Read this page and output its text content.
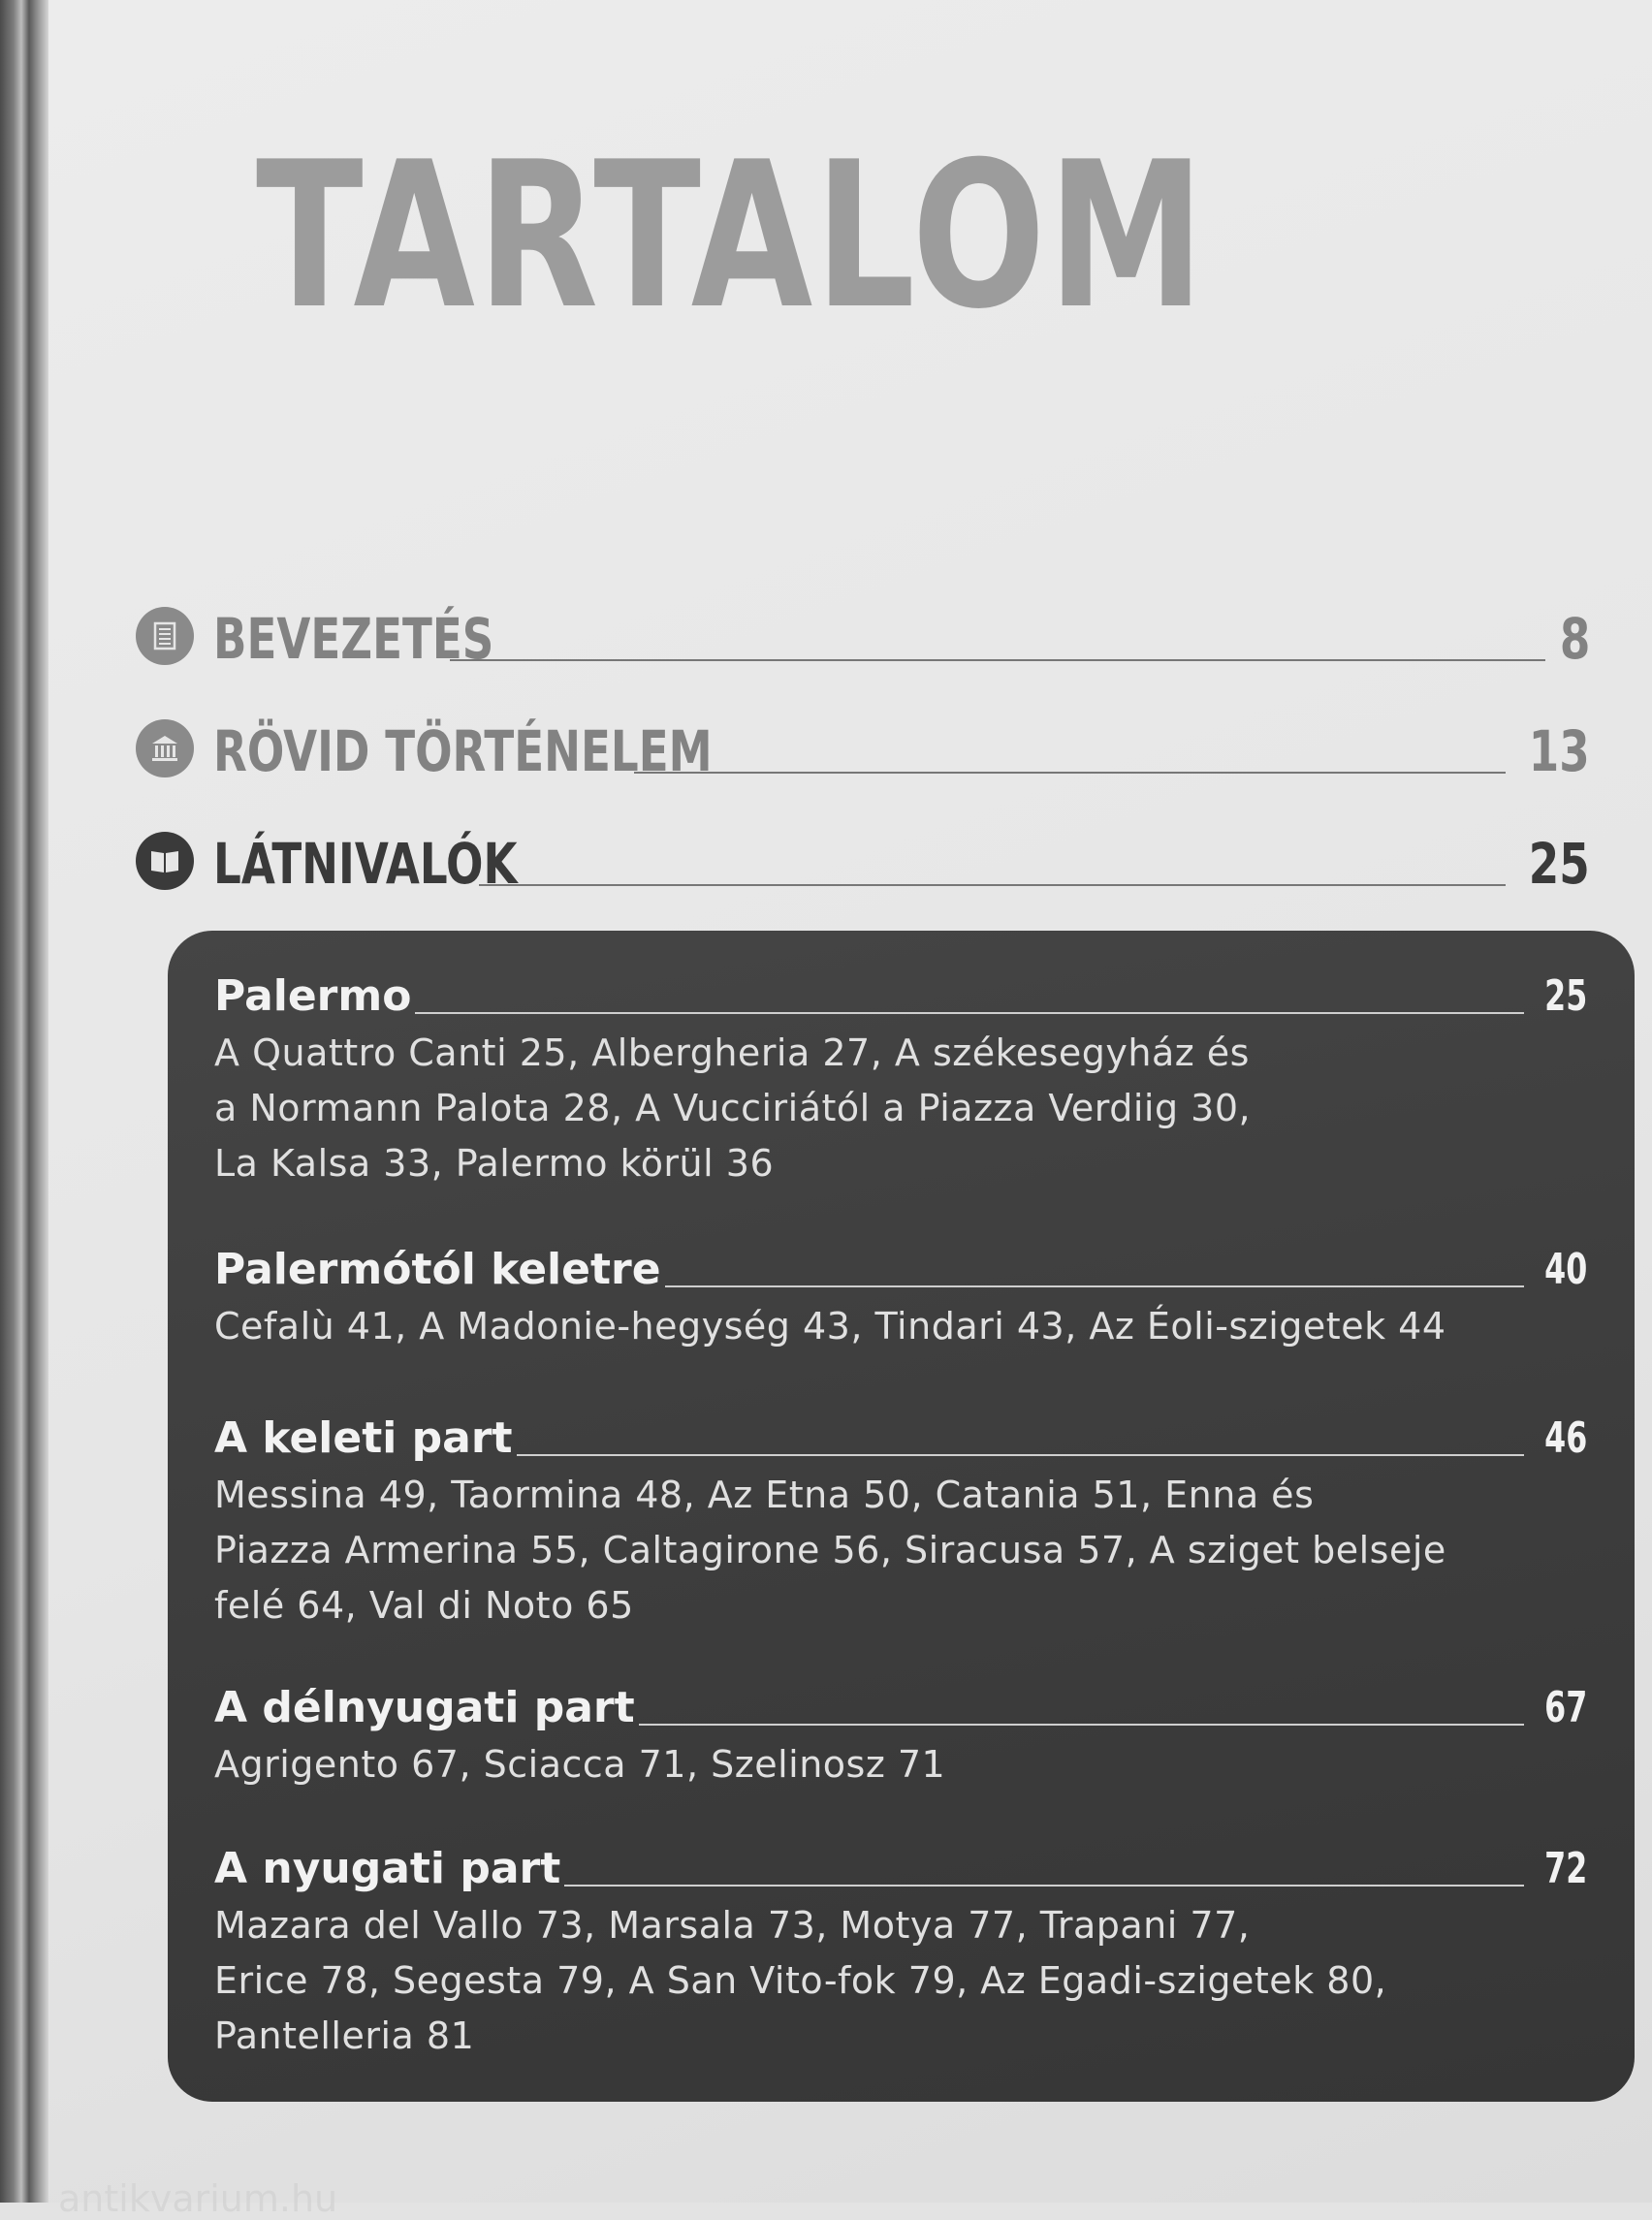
TARTALOM
BEVEZETÉS	8
RÖVID TÖRTÉNELEM	13
LÁTNIVALÓK	25
Palermo	25
A Quattro Canti 25, Albergheria 27, A székesegyház és
a Normann Palota 28, A Vucciriától a Piazza Verdiig 30,
La Kalsa 33, Palermo körül 36
Palermótól keletre	40
Cefalù 41, A Madonie-hegység 43, Tindari 43, Az Éoli-szigetek 44
A keleti part	46
Messina 49, Taormina 48, Az Etna 50, Catania 51, Enna és
Piazza Armerina 55, Caltagirone 56, Siracusa 57, A sziget belseje
felé 64, Val di Noto 65
A délnyugati part	67
Agrigento 67, Sciacca 71, Szelinosz 71
A nyugati part	72
Mazara del Vallo 73, Marsala 73, Motya 77, Trapani 77,
Erice 78, Segesta 79, A San Vito-fok 79, Az Egadi-szigetek 80,
Pantelleria 81
antikvarium.hu
